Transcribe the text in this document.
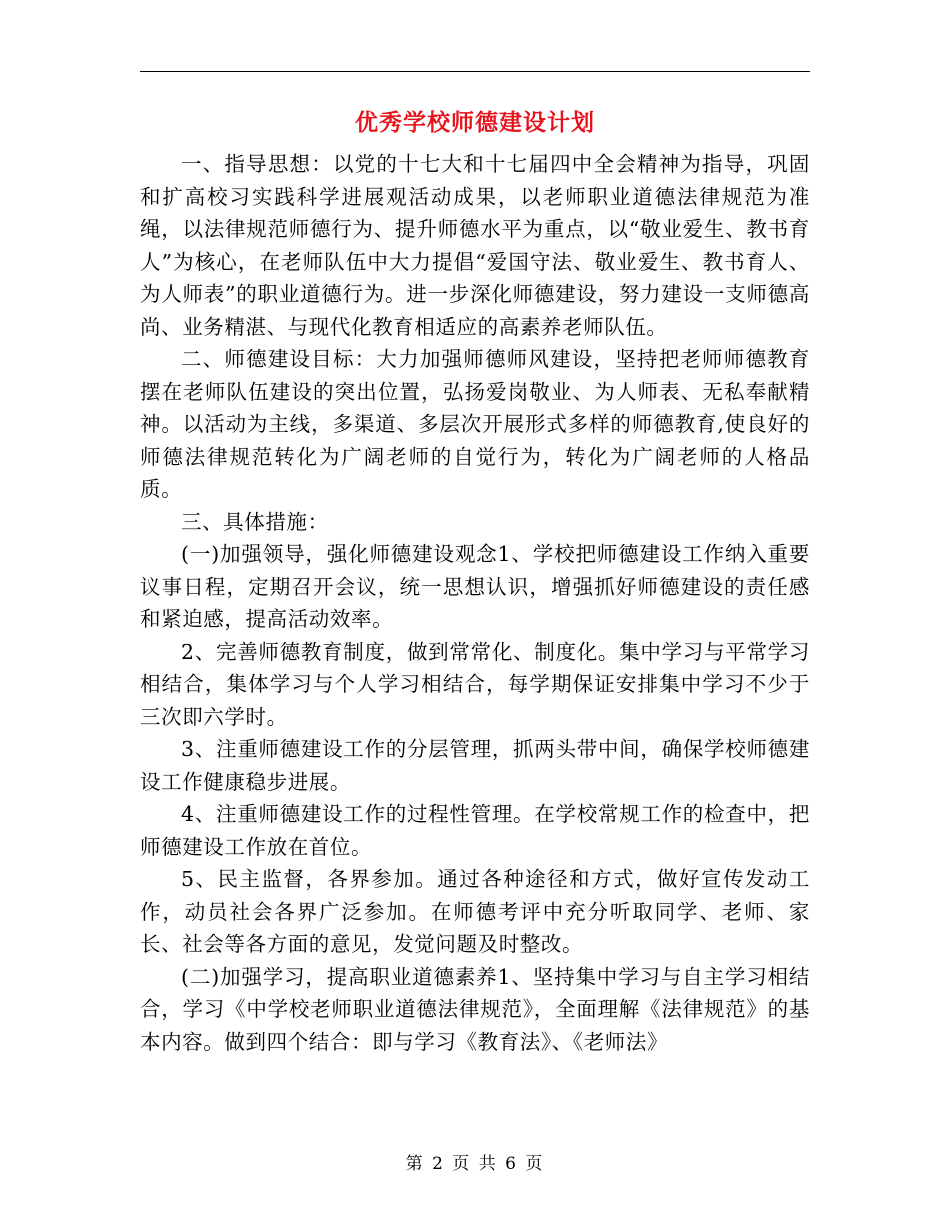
优秀学校师德建设计划

一、指导思想：以党的十七大和十七届四中全会精神为指导，巩固和扩高校习实践科学进展观活动成果，以老师职业道德法律规范为准绳，以法律规范师德行为、提升师德水平为重点，以“敬业爱生、教书育人”为核心，在老师队伍中大力提倡“爱国守法、敬业爱生、教书育人、为人师表”的职业道德行为。进一步深化师德建设，努力建设一支师德高尚、业务精湛、与现代化教育相适应的高素养老师队伍。

二、师德建设目标：大力加强师德师风建设，坚持把老师师德教育摆在老师队伍建设的突出位置，弘扬爱岗敬业、为人师表、无私奉献精神。以活动为主线，多渠道、多层次开展形式多样的师德教育,使良好的师德法律规范转化为广阔老师的自觉行为，转化为广阔老师的人格品质。

三、具体措施：

(一)加强领导，强化师德建设观念1、学校把师德建设工作纳入重要议事日程，定期召开会议，统一思想认识，增强抓好师德建设的责任感和紧迫感，提高活动效率。

2、完善师德教育制度，做到常常化、制度化。集中学习与平常学习相结合，集体学习与个人学习相结合，每学期保证安排集中学习不少于三次即六学时。

3、注重师德建设工作的分层管理，抓两头带中间，确保学校师德建设工作健康稳步进展。

4、注重师德建设工作的过程性管理。在学校常规工作的检查中，把师德建设工作放在首位。

5、民主监督，各界参加。通过各种途径和方式，做好宣传发动工作，动员社会各界广泛参加。在师德考评中充分听取同学、老师、家长、社会等各方面的意见，发觉问题及时整改。

(二)加强学习，提高职业道德素养1、坚持集中学习与自主学习相结合，学习《中学校老师职业道德法律规范》，全面理解《法律规范》的基本内容。做到四个结合：即与学习《教育法》、《老师法》

第 2 页 共 6 页
